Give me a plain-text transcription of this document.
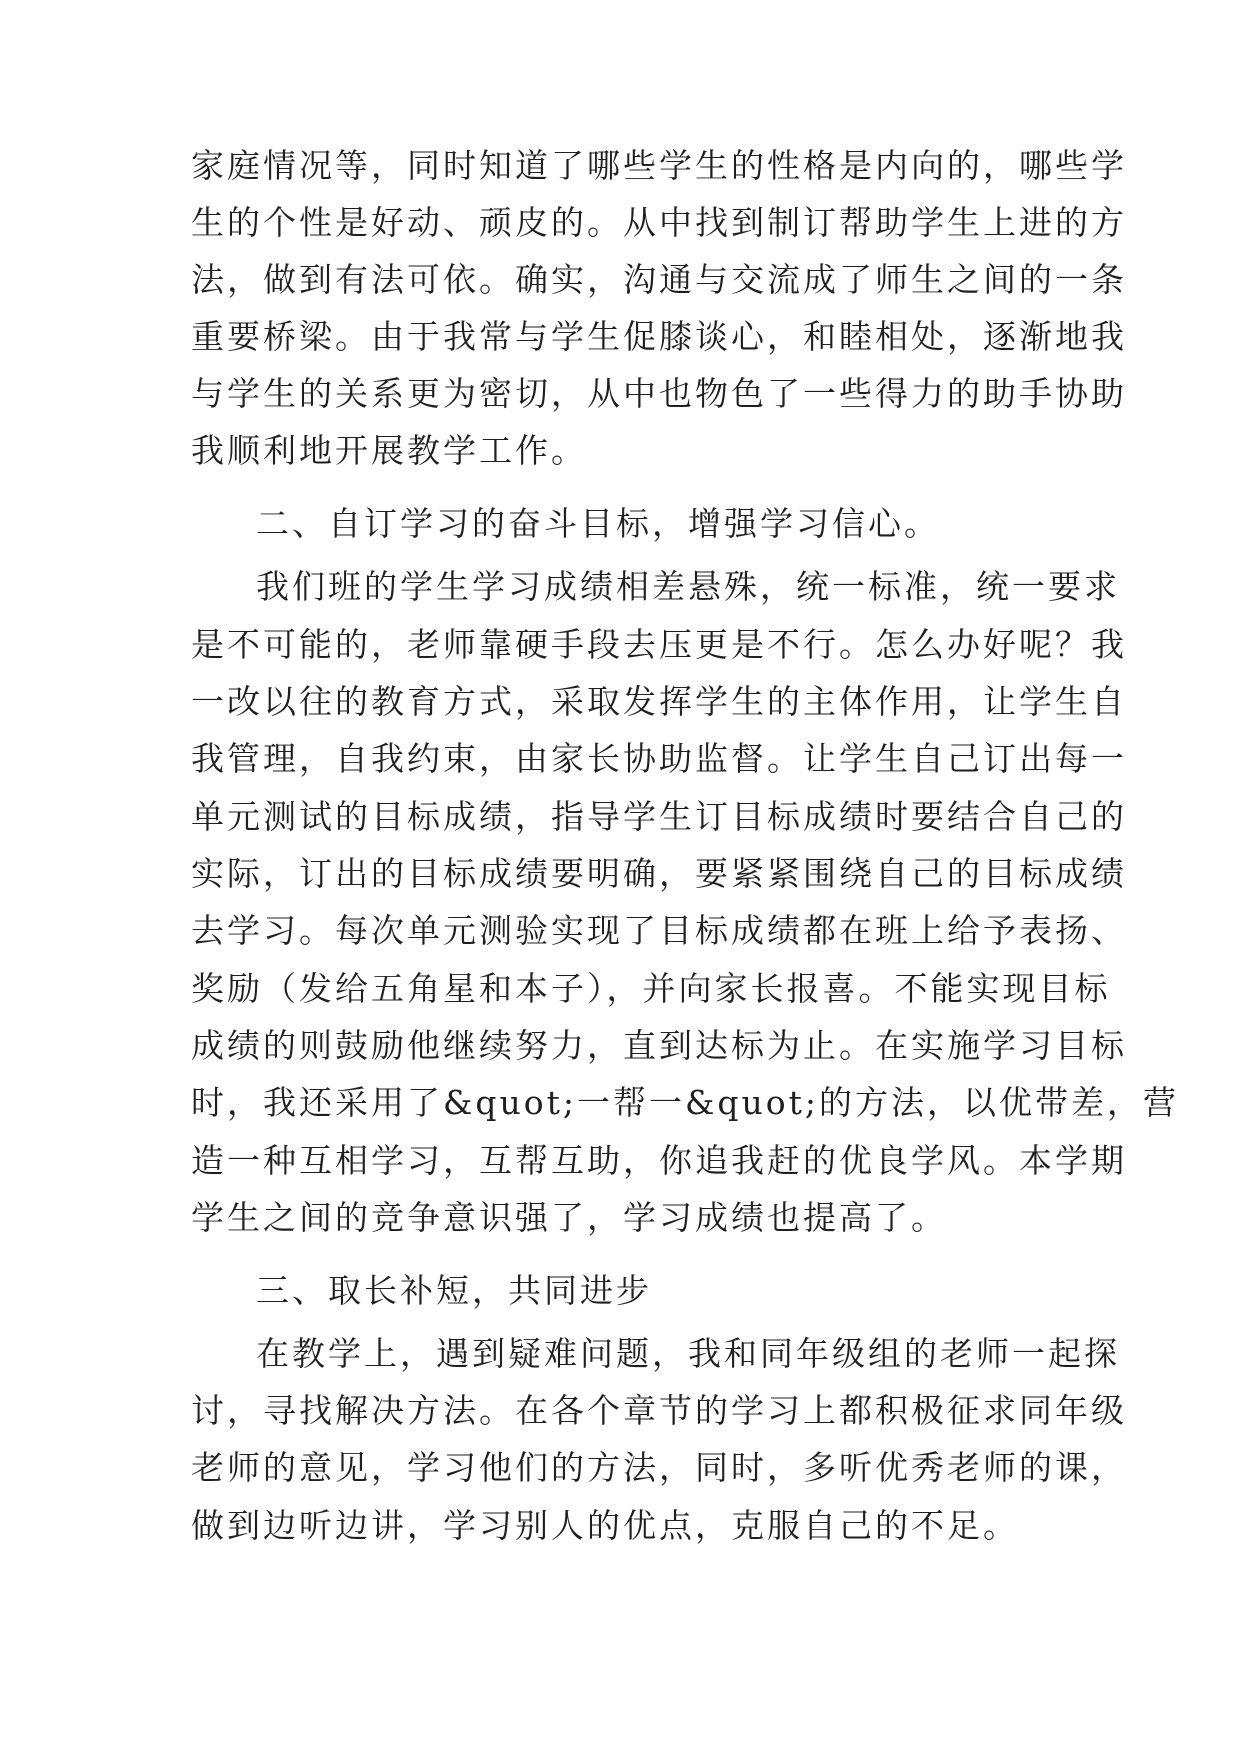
家庭情况等，同时知道了哪些学生的性格是内向的，哪些学
生的个性是好动、顽皮的。从中找到制订帮助学生上进的方
法，做到有法可依。确实，沟通与交流成了师生之间的一条
重要桥梁。由于我常与学生促膝谈心，和睦相处，逐渐地我
与学生的关系更为密切，从中也物色了一些得力的助手协助
我顺利地开展教学工作。
二、自订学习的奋斗目标，增强学习信心。
我们班的学生学习成绩相差悬殊，统一标准，统一要求
是不可能的，老师靠硬手段去压更是不行。怎么办好呢？我
一改以往的教育方式，采取发挥学生的主体作用，让学生自
我管理，自我约束，由家长协助监督。让学生自己订出每一
单元测试的目标成绩，指导学生订目标成绩时要结合自己的
实际，订出的目标成绩要明确，要紧紧围绕自己的目标成绩
去学习。每次单元测验实现了目标成绩都在班上给予表扬、
奖励（发给五角星和本子），并向家长报喜。不能实现目标
成绩的则鼓励他继续努力，直到达标为止。在实施学习目标
时，我还采用了&quot;一帮一&quot;的方法，以优带差，营
造一种互相学习，互帮互助，你追我赶的优良学风。本学期
学生之间的竞争意识强了，学习成绩也提高了。
三、取长补短，共同进步
在教学上，遇到疑难问题，我和同年级组的老师一起探
讨，寻找解决方法。在各个章节的学习上都积极征求同年级
老师的意见，学习他们的方法，同时，多听优秀老师的课，
做到边听边讲，学习别人的优点，克服自己的不足。
